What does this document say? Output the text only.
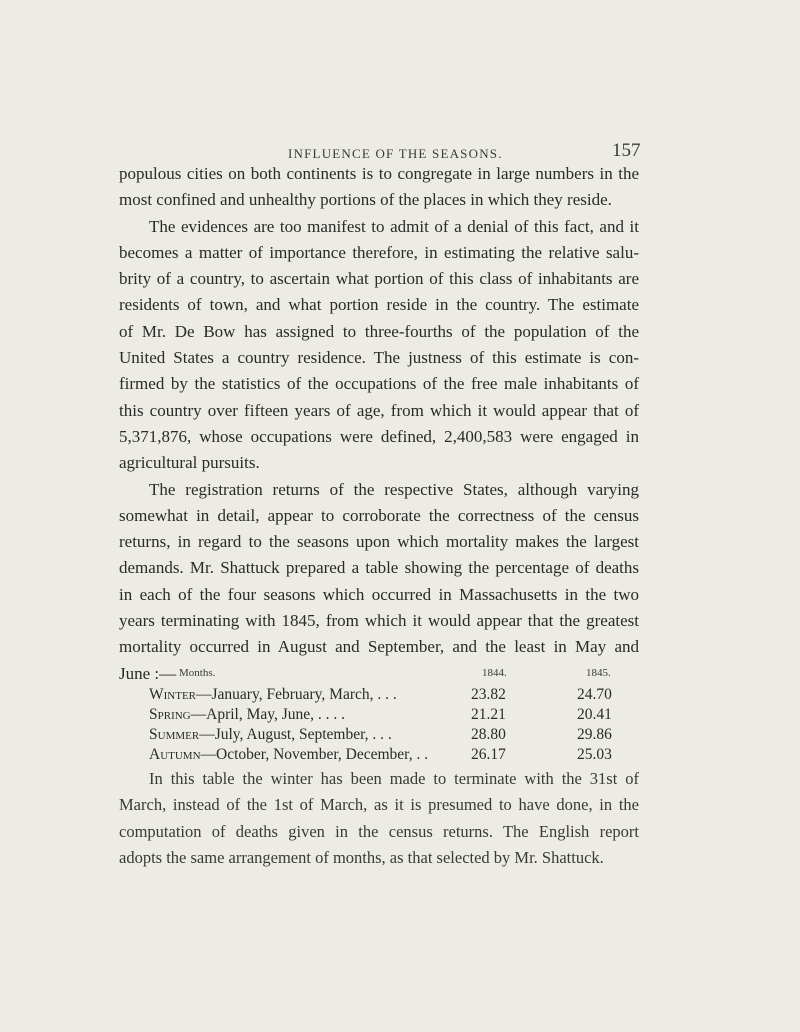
INFLUENCE OF THE SEASONS.	157
populous cities on both continents is to congregate in large numbers in the
most confined and unhealthy portions of the places in which they reside.
The evidences are too manifest to admit of a denial of this fact, and it
becomes a matter of importance therefore, in estimating the relative salu-
brity of a country, to ascertain what portion of this class of inhabitants are
residents of town, and what portion reside in the country. The estimate
of Mr. De Bow has assigned to three-fourths of the population of the
United States a country residence. The justness of this estimate is con-
firmed by the statistics of the occupations of the free male inhabitants of
this country over fifteen years of age, from which it would appear that of
5,371,876, whose occupations were defined, 2,400,583 were engaged in
agricultural pursuits.
The registration returns of the respective States, although varying
somewhat in detail, appear to corroborate the correctness of the census
returns, in regard to the seasons upon which mortality makes the largest
demands. Mr. Shattuck prepared a table showing the percentage of deaths
in each of the four seasons which occurred in Massachusetts in the two
years terminating with 1845, from which it would appear that the greatest
mortality occurred in August and September, and the least in May and
June :— Months.	1844.	1845.
Winter—January, February, March, . . .	23.82	24.70
Spring—April, May, June, . . . .	21.21	20.41
Summer—July, August, September, . . .	28.80	29.86
Autumn—October, November, December, . .	26.17	25.03
In this table the winter has been made to terminate with the 31st of
March, instead of the 1st of March, as it is presumed to have done, in the
computation of deaths given in the census returns. The English report
adopts the same arrangement of months, as that selected by Mr. Shattuck.
